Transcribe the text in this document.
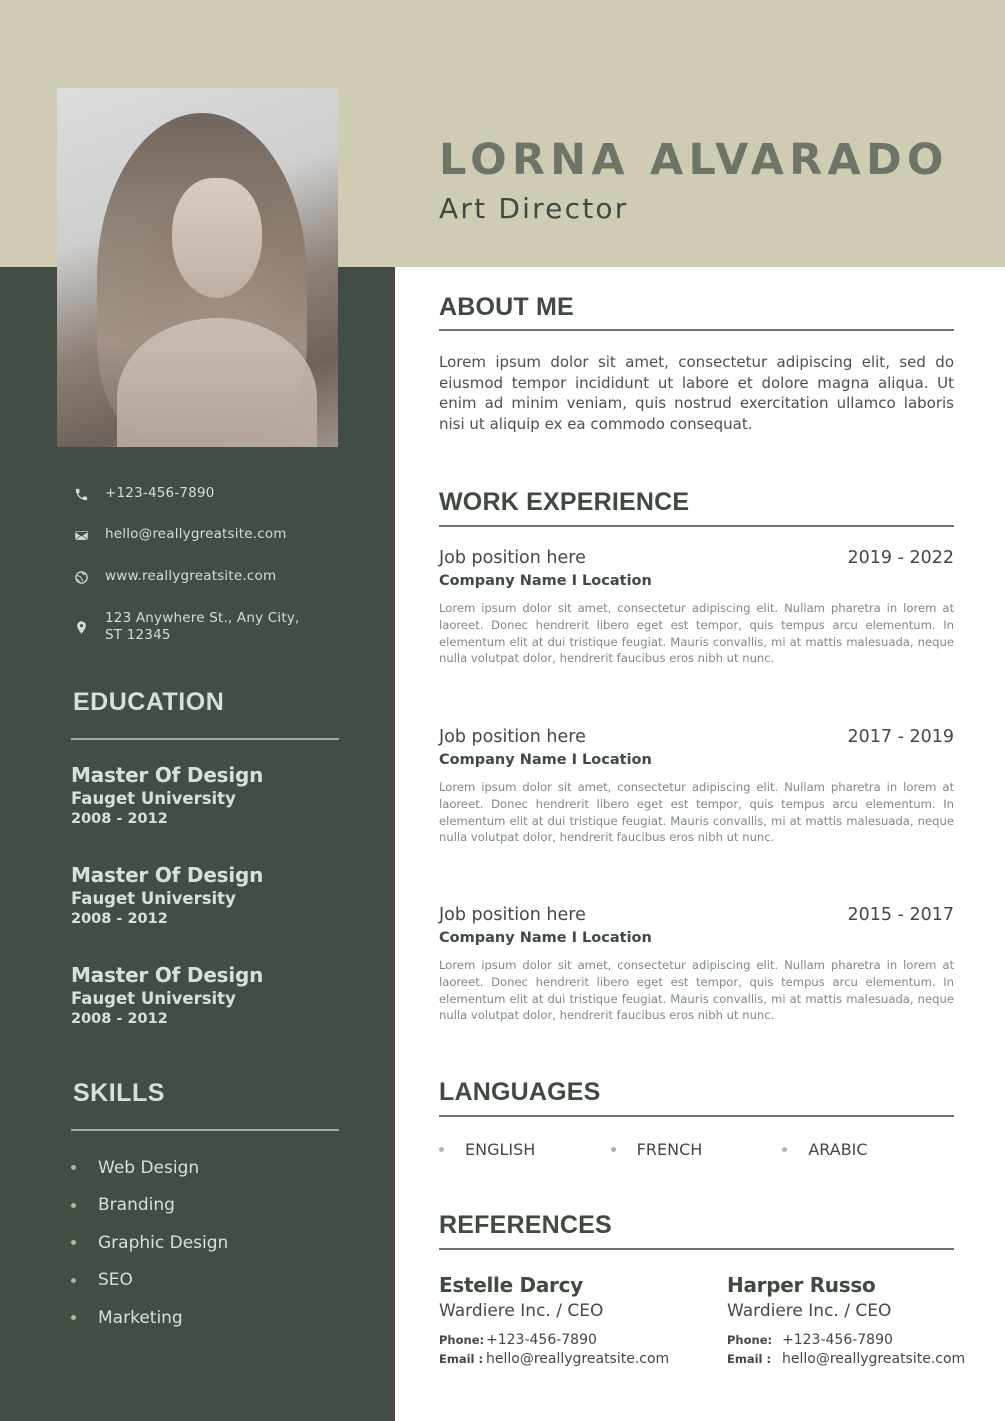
LORNA ALVARADO
Art Director
+123-456-7890
hello@reallygreatsite.com
www.reallygreatsite.com
123 Anywhere St., Any City,
ST 12345
EDUCATION
Master Of Design
Fauget University
2008 - 2012
Master Of Design
Fauget University
2008 - 2012
Master Of Design
Fauget University
2008 - 2012
SKILLS
Web Design
Branding
Graphic Design
SEO
Marketing
ABOUT ME
Lorem ipsum dolor sit amet, consectetur adipiscing elit, sed do eiusmod tempor incididunt ut labore et dolore magna aliqua. Ut enim ad minim veniam, quis nostrud exercitation ullamco laboris nisi ut aliquip ex ea commodo consequat.
WORK EXPERIENCE
Job position here	2019 - 2022
Company Name I Location
Lorem ipsum dolor sit amet, consectetur adipiscing elit. Nullam pharetra in lorem at laoreet. Donec hendrerit libero eget est tempor, quis tempus arcu elementum. In elementum elit at dui tristique feugiat. Mauris convallis, mi at mattis malesuada, neque nulla volutpat dolor, hendrerit faucibus eros nibh ut nunc.
Job position here	2017 - 2019
Company Name I Location
Lorem ipsum dolor sit amet, consectetur adipiscing elit. Nullam pharetra in lorem at laoreet. Donec hendrerit libero eget est tempor, quis tempus arcu elementum. In elementum elit at dui tristique feugiat. Mauris convallis, mi at mattis malesuada, neque nulla volutpat dolor, hendrerit faucibus eros nibh ut nunc.
Job position here	2015 - 2017
Company Name I Location
Lorem ipsum dolor sit amet, consectetur adipiscing elit. Nullam pharetra in lorem at laoreet. Donec hendrerit libero eget est tempor, quis tempus arcu elementum. In elementum elit at dui tristique feugiat. Mauris convallis, mi at mattis malesuada, neque nulla volutpat dolor, hendrerit faucibus eros nibh ut nunc.
LANGUAGES
ENGLISH	FRENCH	ARABIC
REFERENCES
Estelle Darcy
Wardiere Inc. / CEO
Phone: +123-456-7890
Email : hello@reallygreatsite.com
Harper Russo
Wardiere Inc. / CEO
Phone: +123-456-7890
Email : hello@reallygreatsite.com
